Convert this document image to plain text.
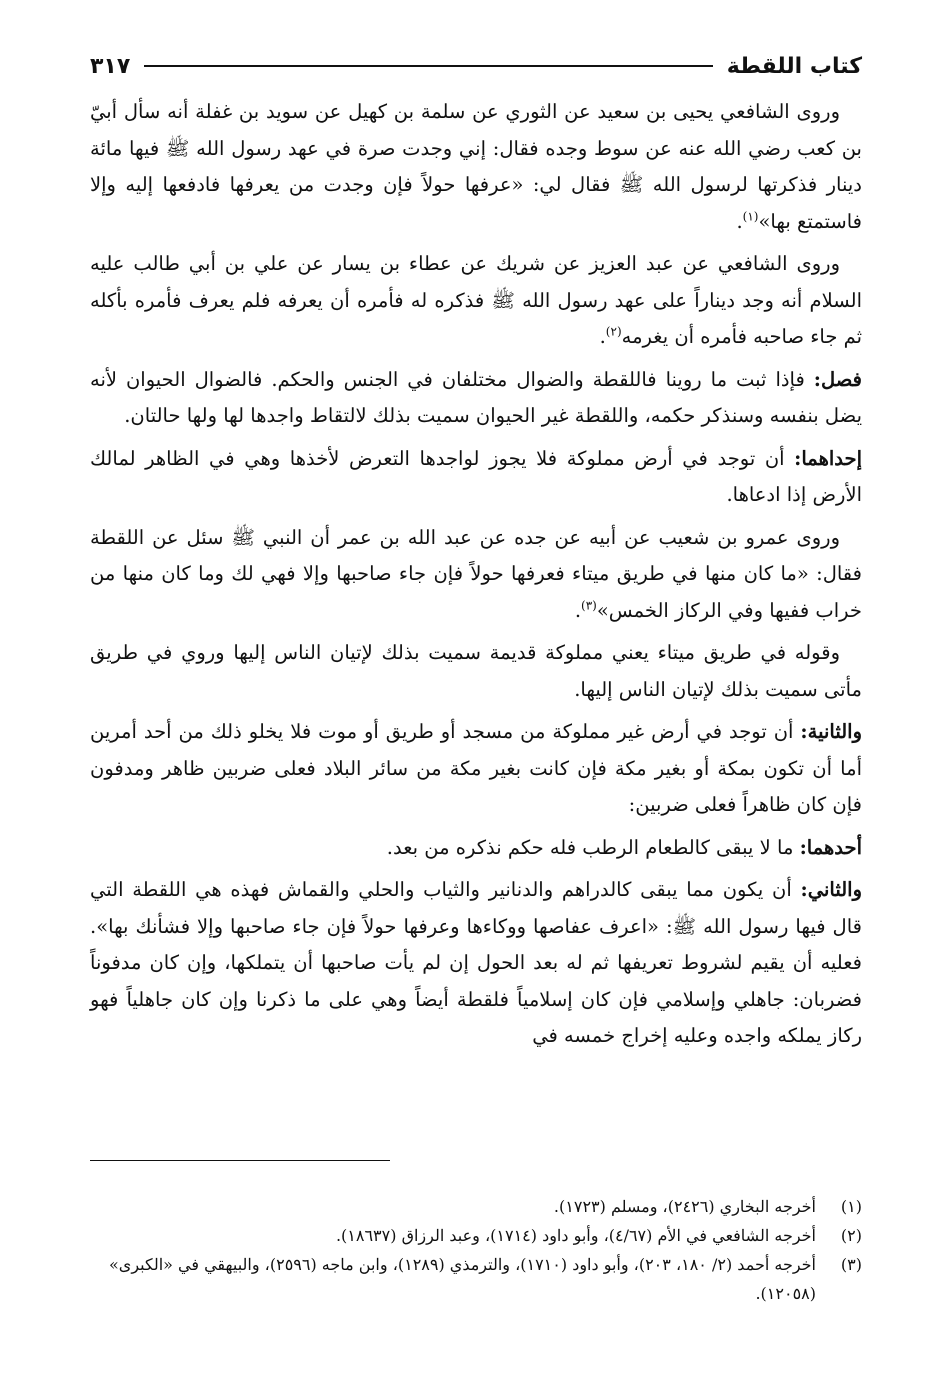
كتاب اللقطة
٣١٧

وروى الشافعي يحيى بن سعيد عن الثوري عن سلمة بن كهيل عن سويد بن غفلة أنه سأل أبيّ بن كعب رضي الله عنه عن سوط وجده فقال: إني وجدت صرة في عهد رسول الله ﷺ فيها مائة دينار فذكرتها لرسول الله ﷺ فقال لي: «عرفها حولاً فإن وجدت من يعرفها فادفعها إليه وإلا فاستمتع بها»$^{(١)}$.

وروى الشافعي عن عبد العزيز عن شريك عن عطاء بن يسار عن علي بن أبي طالب عليه السلام أنه وجد ديناراً على عهد رسول الله ﷺ فذكره له فأمره أن يعرفه فلم يعرف فأمره بأكله ثم جاء صاحبه فأمره أن يغرمه$^{(٢)}$.

فصل: فإذا ثبت ما روينا فاللقطة والضوال مختلفان في الجنس والحكم. فالضوال الحيوان لأنه يضل بنفسه وسنذكر حكمه، واللقطة غير الحيوان سميت بذلك لالتقاط واجدها لها ولها حالتان.

إحداهما: أن توجد في أرض مملوكة فلا يجوز لواجدها التعرض لأخذها وهي في الظاهر لمالك الأرض إذا ادعاها.

وروى عمرو بن شعيب عن أبيه عن جده عن عبد الله بن عمر أن النبي ﷺ سئل عن اللقطة فقال: «ما كان منها في طريق ميتاء فعرفها حولاً فإن جاء صاحبها وإلا فهي لك وما كان منها من خراب ففيها وفي الركاز الخمس»$^{(٣)}$.

وقوله في طريق ميتاء يعني مملوكة قديمة سميت بذلك لإتيان الناس إليها وروي في طريق مأتى سميت بذلك لإتيان الناس إليها.

والثانية: أن توجد في أرض غير مملوكة من مسجد أو طريق أو موت فلا يخلو ذلك من أحد أمرين أما أن تكون بمكة أو بغير مكة فإن كانت بغير مكة من سائر البلاد فعلى ضربين ظاهر ومدفون فإن كان ظاهراً فعلى ضربين:

أحدهما: ما لا يبقى كالطعام الرطب فله حكم نذكره من بعد.

والثاني: أن يكون مما يبقى كالدراهم والدنانير والثياب والحلي والقماش فهذه هي اللقطة التي قال فيها رسول الله ﷺ: «اعرف عفاصها ووكاءها وعرفها حولاً فإن جاء صاحبها وإلا فشأنك بها». فعليه أن يقيم لشروط تعريفها ثم له بعد الحول إن لم يأت صاحبها أن يتملكها، وإن كان مدفوناً فضربان: جاهلي وإسلامي فإن كان إسلامياً فلقطة أيضاً وهي على ما ذكرنا وإن كان جاهلياً فهو ركاز يملكه واجده وعليه إخراج خمسه في

(١)
أخرجه البخاري (٢٤٢٦)، ومسلم (١٧٢٣).
(٢)
أخرجه الشافعي في الأم (٤/٦٧)، وأبو داود (١٧١٤)، وعبد الرزاق (١٨٦٣٧).
(٣)
أخرجه أحمد (٢/ ١٨٠، ٢٠٣)، وأبو داود (١٧١٠)، والترمذي (١٢٨٩)، وابن ماجه (٢٥٩٦)، والبيهقي في «الكبرى» (١٢٠٥٨).
